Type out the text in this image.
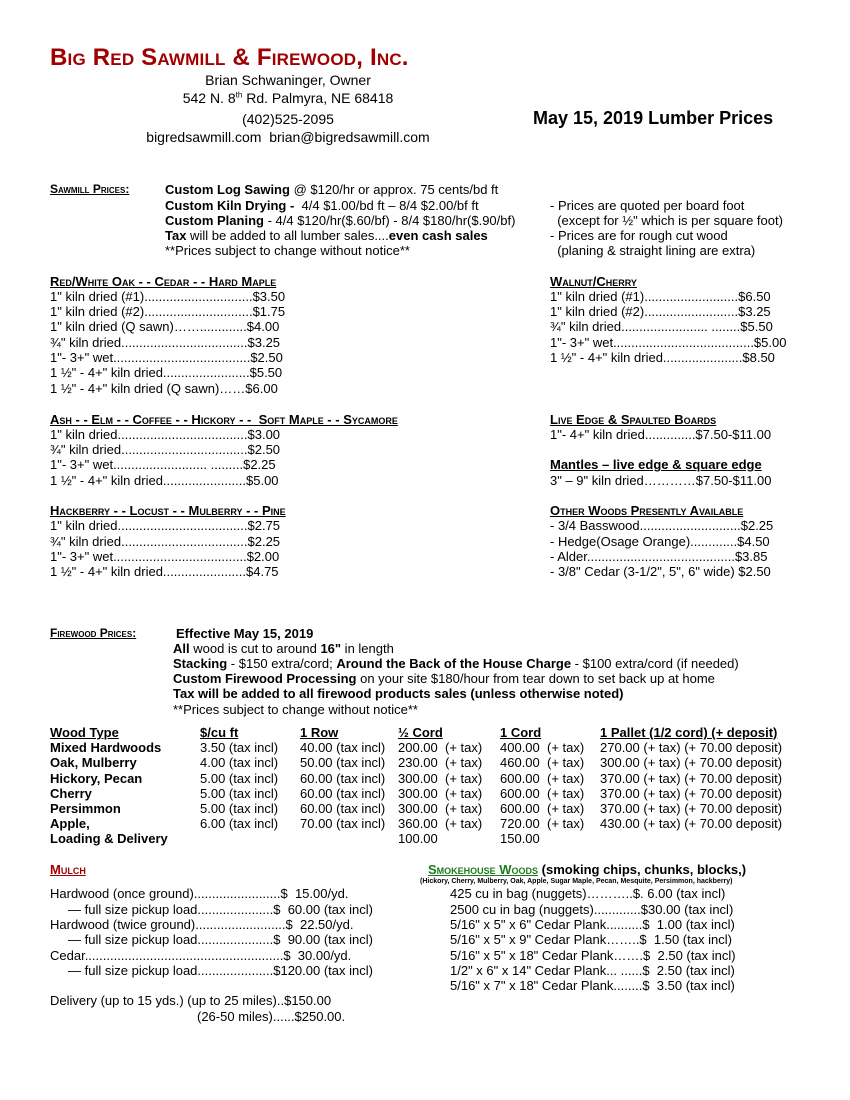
Big Red Sawmill & Firewood, Inc.
Brian Schwaninger, Owner
542 N. 8th Rd. Palmyra, NE 68418
(402)525-2095
bigredsawmill.com  brian@bigredsawmill.com
May 15, 2019 Lumber Prices
Sawmill Prices:	Custom Log Sawing @ $120/hr or approx. 75 cents/bd ft
Custom Kiln Drying -  4/4 $1.00/bd ft – 8/4 $2.00/bf ft
Custom Planing - 4/4 $120/hr($.60/bf) - 8/4 $180/hr($.90/bf)
Tax will be added to all lumber sales....even cash sales
**Prices subject to change without notice**
- Prices are quoted per board foot
(except for ½" which is per square foot)
- Prices are for rough cut wood
(planing & straight lining are extra)
Red/White Oak - - Cedar - - Hard Maple
1" kiln dried (#1)..............................$3.50
1" kiln dried (#2)..............................$1.75
1" kiln dried (Q sawn)…….............$4.00
¾" kiln dried...................................$3.25
1"- 3+" wet......................................$2.50
1 ½" - 4+" kiln dried........................$5.50
1 ½" - 4+" kiln dried (Q sawn)……$6.00
Walnut/Cherry
1" kiln dried (#1)..........................$6.50
1" kiln dried (#2)..........................$3.25
¾" kiln dried........................ ........$5.50
1"- 3+" wet.......................................$5.00
1 ½" - 4+" kiln dried......................$8.50
Ash - - Elm - - Coffee - - Hickory - -  Soft Maple - - Sycamore
1" kiln dried....................................$3.00
¾" kiln dried...................................$2.50
1"- 3+" wet.......................... .........$2.25
1 ½" - 4+" kiln dried.......................$5.00
Live Edge & Spaulted Boards
1"- 4+" kiln dried..............$7.50-$11.00
Mantles – live edge & square edge
3" – 9" kiln dried…………$7.50-$11.00
Hackberry - - Locust - - Mulberry - - Pine
1" kiln dried....................................$2.75
¾" kiln dried...................................$2.25
1"- 3+" wet.....................................$2.00
1 ½" - 4+" kiln dried.......................$4.75
Other Woods Presently Available
- 3/4 Basswood............................$2.25
- Hedge(Osage Orange).............$4.50
- Alder.........................................$3.85
- 3/8" Cedar (3-1/2", 5", 6" wide) $2.50
Firewood Prices:	Effective May 15, 2019
All wood is cut to around 16" in length
Stacking - $150 extra/cord; Around the Back of the House Charge - $100 extra/cord (if needed)
Custom Firewood Processing on your site $180/hour from tear down to set back up at home
Tax will be added to all firewood products sales (unless otherwise noted)
**Prices subject to change without notice**
Wood Type	$/cu ft	1 Row	½ Cord	1 Cord	1 Pallet (1/2 cord) (+ deposit)
Mixed Hardwoods	3.50 (tax incl)	40.00 (tax incl)	200.00  (+ tax)	400.00  (+ tax)	270.00 (+ tax) (+ 70.00 deposit)
Oak, Mulberry	4.00 (tax incl)	50.00 (tax incl)	230.00  (+ tax)	460.00  (+ tax)	300.00 (+ tax) (+ 70.00 deposit)
Hickory, Pecan	5.00 (tax incl)	60.00 (tax incl)	300.00  (+ tax)	600.00  (+ tax)	370.00 (+ tax) (+ 70.00 deposit)
Cherry	5.00 (tax incl)	60.00 (tax incl)	300.00  (+ tax)	600.00  (+ tax)	370.00 (+ tax) (+ 70.00 deposit)
Persimmon	5.00 (tax incl)	60.00 (tax incl)	300.00  (+ tax)	600.00  (+ tax)	370.00 (+ tax) (+ 70.00 deposit)
Apple,	6.00 (tax incl)	70.00 (tax incl)	360.00  (+ tax)	720.00  (+ tax)	430.00 (+ tax) (+ 70.00 deposit)
Loading & Delivery			100.00	150.00	
Mulch
Hardwood (once ground)........................$  15.00/yd.
— full size pickup load.....................$  60.00 (tax incl)
Hardwood (twice ground).........................$  22.50/yd.
— full size pickup load.....................$  90.00 (tax incl)
Cedar.......................................................$  30.00/yd.
— full size pickup load.....................$120.00 (tax incl)
Delivery (up to 15 yds.) (up to 25 miles)..$150.00
(26-50 miles)......$250.00.
Smokehouse Woods (smoking chips, chunks, blocks,)
(Hickory, Cherry, Mulberry, Oak, Apple, Sugar Maple, Pecan, Mesquite, Persimmon, hackberry)
425 cu in bag (nuggets)………..$. 6.00 (tax incl)
2500 cu in bag (nuggets).............$30.00 (tax incl)
5/16" x 5" x 6" Cedar Plank..........$  1.00 (tax incl)
5/16" x 5" x 9" Cedar Plank……..$  1.50 (tax incl)
5/16" x 5" x 18" Cedar Plank…….$  2.50 (tax incl)
1/2" x 6" x 14" Cedar Plank... ......$  2.50 (tax incl)
5/16" x 7" x 18" Cedar Plank........$  3.50 (tax incl)
